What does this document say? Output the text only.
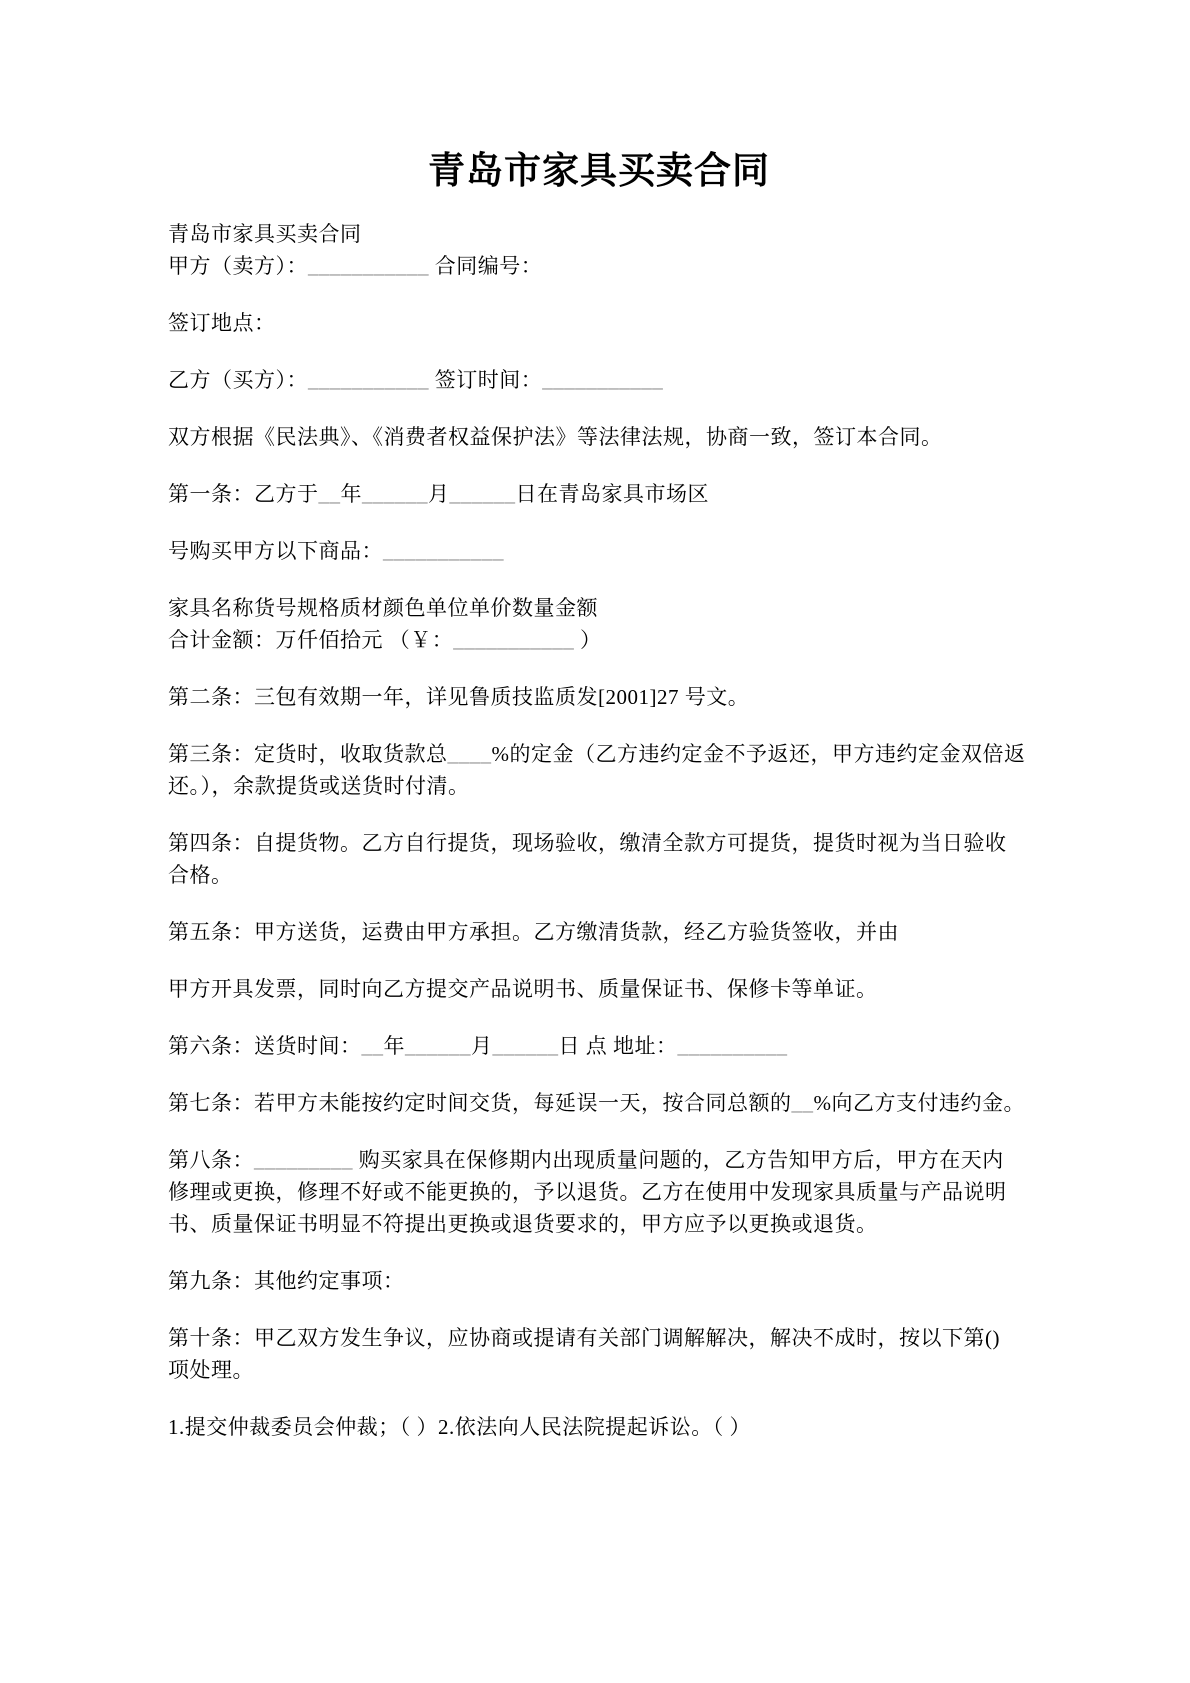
青岛市家具买卖合同
青岛市家具买卖合同
甲方（卖方）：___________ 合同编号：
签订地点：
乙方（买方）：___________ 签订时间：___________
双方根据《民法典》、《消费者权益保护法》等法律法规，协商一致，签订本合同。
第一条：乙方于__年______月______日在青岛家具市场区
号购买甲方以下商品：___________
家具名称货号规格质材颜色单位单价数量金额
合计金额：万仟佰拾元 （￥：___________ ）
第二条：三包有效期一年，详见鲁质技监质发[2001]27 号文。
第三条：定货时，收取货款总____%的定金（乙方违约定金不予返还，甲方违约定金双倍返
还。），余款提货或送货时付清。
第四条：自提货物。乙方自行提货，现场验收，缴清全款方可提货，提货时视为当日验收
合格。
第五条：甲方送货，运费由甲方承担。乙方缴清货款，经乙方验货签收，并由
甲方开具发票，同时向乙方提交产品说明书、质量保证书、保修卡等单证。
第六条：送货时间：__年______月______日 点 地址：__________
第七条：若甲方未能按约定时间交货，每延误一天，按合同总额的__%向乙方支付违约金。
第八条：_________ 购买家具在保修期内出现质量问题的，乙方告知甲方后，甲方在天内
修理或更换，修理不好或不能更换的，予以退货。乙方在使用中发现家具质量与产品说明
书、质量保证书明显不符提出更换或退货要求的，甲方应予以更换或退货。
第九条：其他约定事项：
第十条：甲乙双方发生争议，应协商或提请有关部门调解解决，解决不成时，按以下第()
项处理。
1.提交仲裁委员会仲裁；（ ）2.依法向人民法院提起诉讼。（ ）
